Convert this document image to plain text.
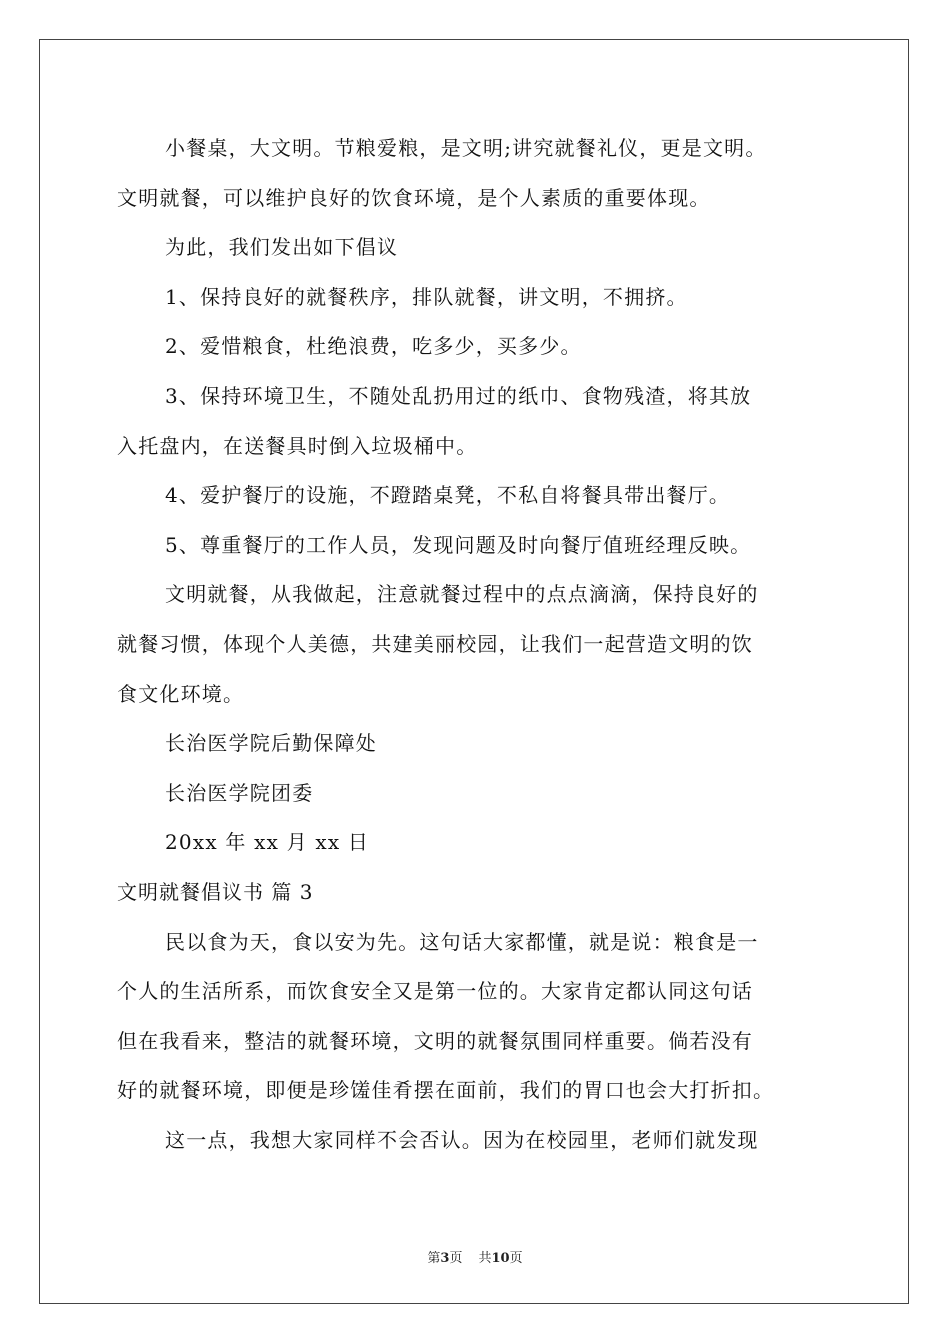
小餐桌，大文明。节粮爱粮，是文明;讲究就餐礼仪，更是文明。
文明就餐，可以维护良好的饮食环境，是个人素质的重要体现。
为此，我们发出如下倡议
1、保持良好的就餐秩序，排队就餐，讲文明，不拥挤。
2、爱惜粮食，杜绝浪费，吃多少，买多少。
3、保持环境卫生，不随处乱扔用过的纸巾、食物残渣，将其放
入托盘内，在送餐具时倒入垃圾桶中。
4、爱护餐厅的设施，不蹬踏桌凳，不私自将餐具带出餐厅。
5、尊重餐厅的工作人员，发现问题及时向餐厅值班经理反映。
文明就餐，从我做起，注意就餐过程中的点点滴滴，保持良好的
就餐习惯，体现个人美德，共建美丽校园，让我们一起营造文明的饮
食文化环境。
长治医学院后勤保障处
长治医学院团委
20xx 年 xx 月 xx 日
文明就餐倡议书 篇 3
民以食为天，食以安为先。这句话大家都懂，就是说：粮食是一
个人的生活所系，而饮食安全又是第一位的。大家肯定都认同这句话
但在我看来，整洁的就餐环境，文明的就餐氛围同样重要。倘若没有
好的就餐环境，即便是珍馐佳肴摆在面前，我们的胃口也会大打折扣。
这一点，我想大家同样不会否认。因为在校园里，老师们就发现
第3页 共10页
